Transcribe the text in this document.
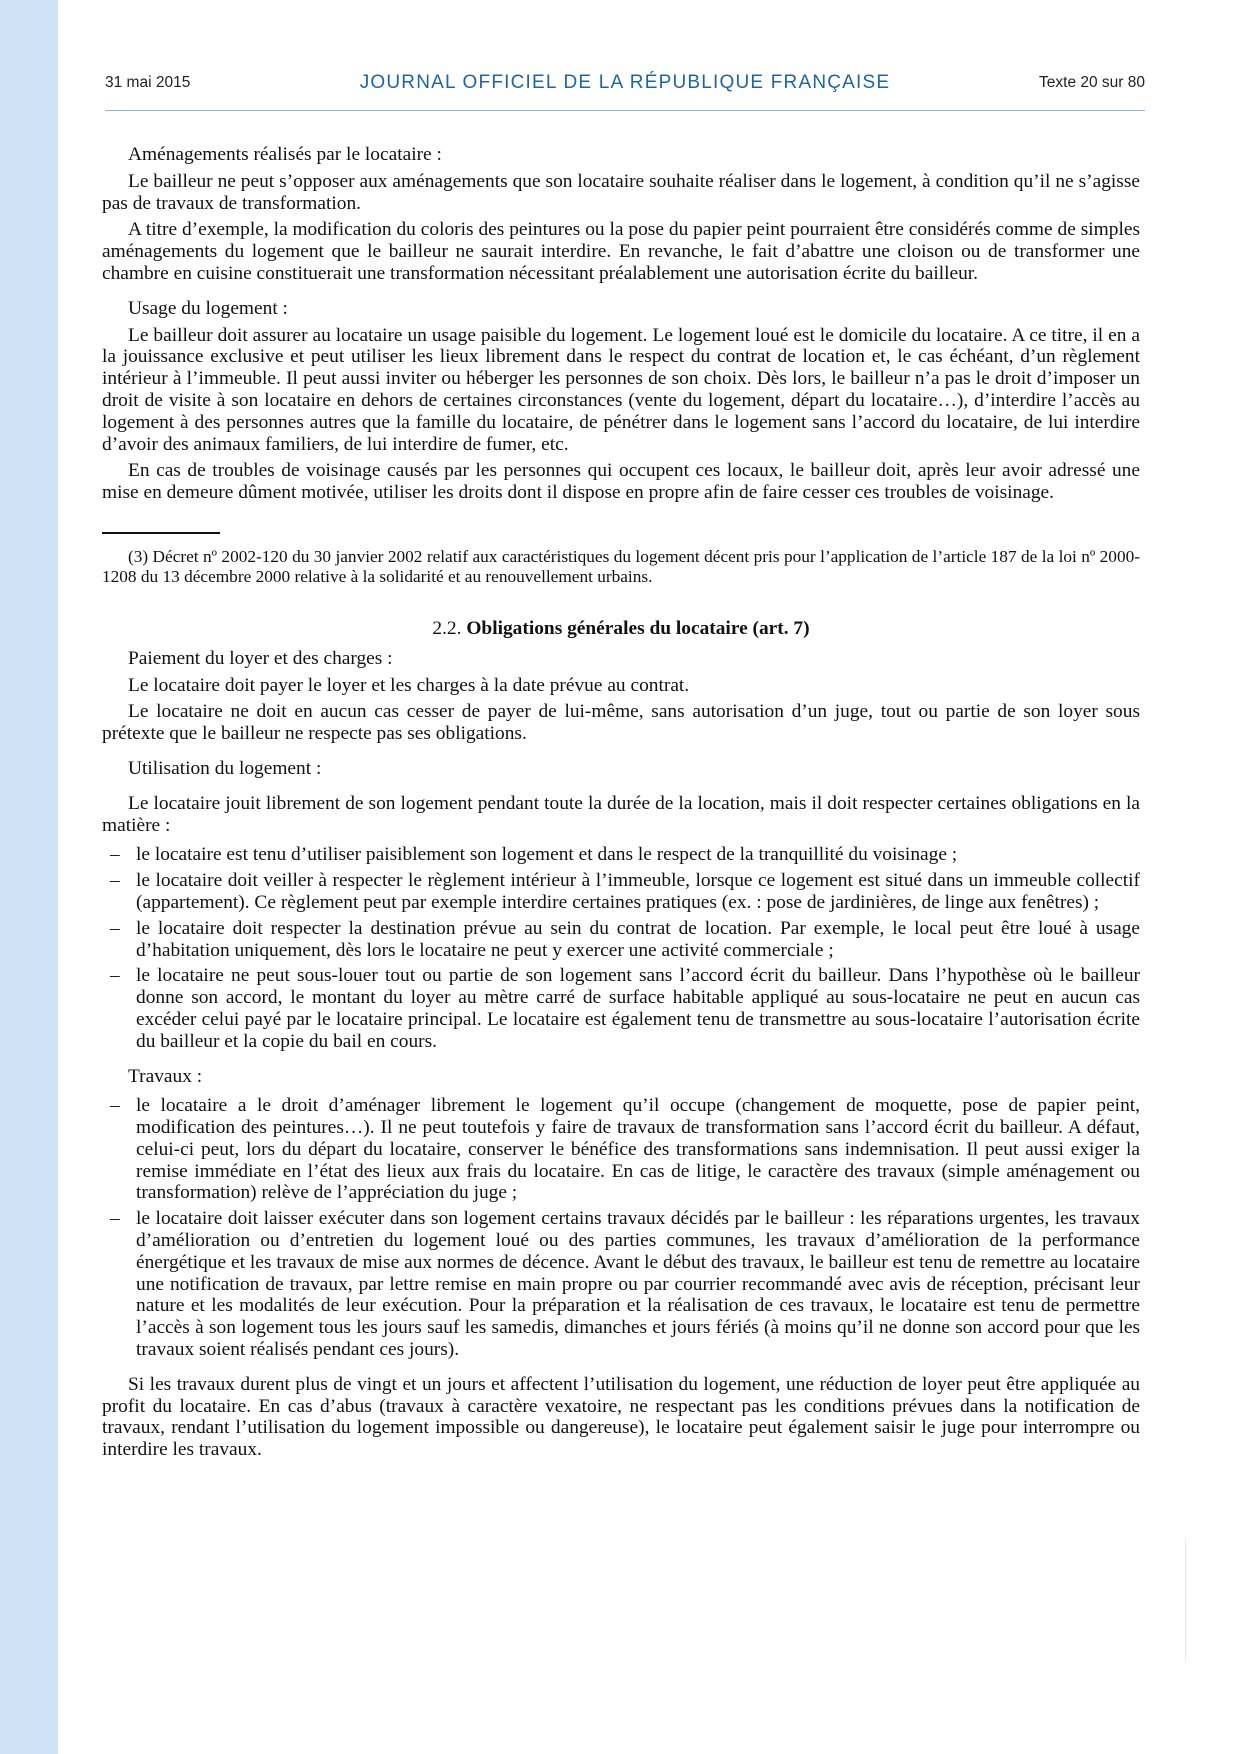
31 mai 2015	JOURNAL OFFICIEL DE LA RÉPUBLIQUE FRANÇAISE	Texte 20 sur 80

Aménagements réalisés par le locataire :

Le bailleur ne peut s’opposer aux aménagements que son locataire souhaite réaliser dans le logement, à condition qu’il ne s’agisse pas de travaux de transformation.

A titre d’exemple, la modification du coloris des peintures ou la pose du papier peint pourraient être considérés comme de simples aménagements du logement que le bailleur ne saurait interdire. En revanche, le fait d’abattre une cloison ou de transformer une chambre en cuisine constituerait une transformation nécessitant préalablement une autorisation écrite du bailleur.

Usage du logement :

Le bailleur doit assurer au locataire un usage paisible du logement. Le logement loué est le domicile du locataire. A ce titre, il en a la jouissance exclusive et peut utiliser les lieux librement dans le respect du contrat de location et, le cas échéant, d’un règlement intérieur à l’immeuble. Il peut aussi inviter ou héberger les personnes de son choix. Dès lors, le bailleur n’a pas le droit d’imposer un droit de visite à son locataire en dehors de certaines circonstances (vente du logement, départ du locataire…), d’interdire l’accès au logement à des personnes autres que la famille du locataire, de pénétrer dans le logement sans l’accord du locataire, de lui interdire d’avoir des animaux familiers, de lui interdire de fumer, etc.

En cas de troubles de voisinage causés par les personnes qui occupent ces locaux, le bailleur doit, après leur avoir adressé une mise en demeure dûment motivée, utiliser les droits dont il dispose en propre afin de faire cesser ces troubles de voisinage.

(3) Décret nº 2002-120 du 30 janvier 2002 relatif aux caractéristiques du logement décent pris pour l’application de l’article 187 de la loi nº 2000-1208 du 13 décembre 2000 relative à la solidarité et au renouvellement urbains.

2.2. Obligations générales du locataire (art. 7)

Paiement du loyer et des charges :

Le locataire doit payer le loyer et les charges à la date prévue au contrat.

Le locataire ne doit en aucun cas cesser de payer de lui-même, sans autorisation d’un juge, tout ou partie de son loyer sous prétexte que le bailleur ne respecte pas ses obligations.

Utilisation du logement :

Le locataire jouit librement de son logement pendant toute la durée de la location, mais il doit respecter certaines obligations en la matière :

– le locataire est tenu d’utiliser paisiblement son logement et dans le respect de la tranquillité du voisinage ;
– le locataire doit veiller à respecter le règlement intérieur à l’immeuble, lorsque ce logement est situé dans un immeuble collectif (appartement). Ce règlement peut par exemple interdire certaines pratiques (ex. : pose de jardinières, de linge aux fenêtres) ;
– le locataire doit respecter la destination prévue au sein du contrat de location. Par exemple, le local peut être loué à usage d’habitation uniquement, dès lors le locataire ne peut y exercer une activité commerciale ;
– le locataire ne peut sous-louer tout ou partie de son logement sans l’accord écrit du bailleur. Dans l’hypothèse où le bailleur donne son accord, le montant du loyer au mètre carré de surface habitable appliqué au sous-locataire ne peut en aucun cas excéder celui payé par le locataire principal. Le locataire est également tenu de transmettre au sous-locataire l’autorisation écrite du bailleur et la copie du bail en cours.

Travaux :

– le locataire a le droit d’aménager librement le logement qu’il occupe (changement de moquette, pose de papier peint, modification des peintures…). Il ne peut toutefois y faire de travaux de transformation sans l’accord écrit du bailleur. A défaut, celui-ci peut, lors du départ du locataire, conserver le bénéfice des transformations sans indemnisation. Il peut aussi exiger la remise immédiate en l’état des lieux aux frais du locataire. En cas de litige, le caractère des travaux (simple aménagement ou transformation) relève de l’appréciation du juge ;
– le locataire doit laisser exécuter dans son logement certains travaux décidés par le bailleur : les réparations urgentes, les travaux d’amélioration ou d’entretien du logement loué ou des parties communes, les travaux d’amélioration de la performance énergétique et les travaux de mise aux normes de décence. Avant le début des travaux, le bailleur est tenu de remettre au locataire une notification de travaux, par lettre remise en main propre ou par courrier recommandé avec avis de réception, précisant leur nature et les modalités de leur exécution. Pour la préparation et la réalisation de ces travaux, le locataire est tenu de permettre l’accès à son logement tous les jours sauf les samedis, dimanches et jours fériés (à moins qu’il ne donne son accord pour que les travaux soient réalisés pendant ces jours).

Si les travaux durent plus de vingt et un jours et affectent l’utilisation du logement, une réduction de loyer peut être appliquée au profit du locataire. En cas d’abus (travaux à caractère vexatoire, ne respectant pas les conditions prévues dans la notification de travaux, rendant l’utilisation du logement impossible ou dangereuse), le locataire peut également saisir le juge pour interrompre ou interdire les travaux.
